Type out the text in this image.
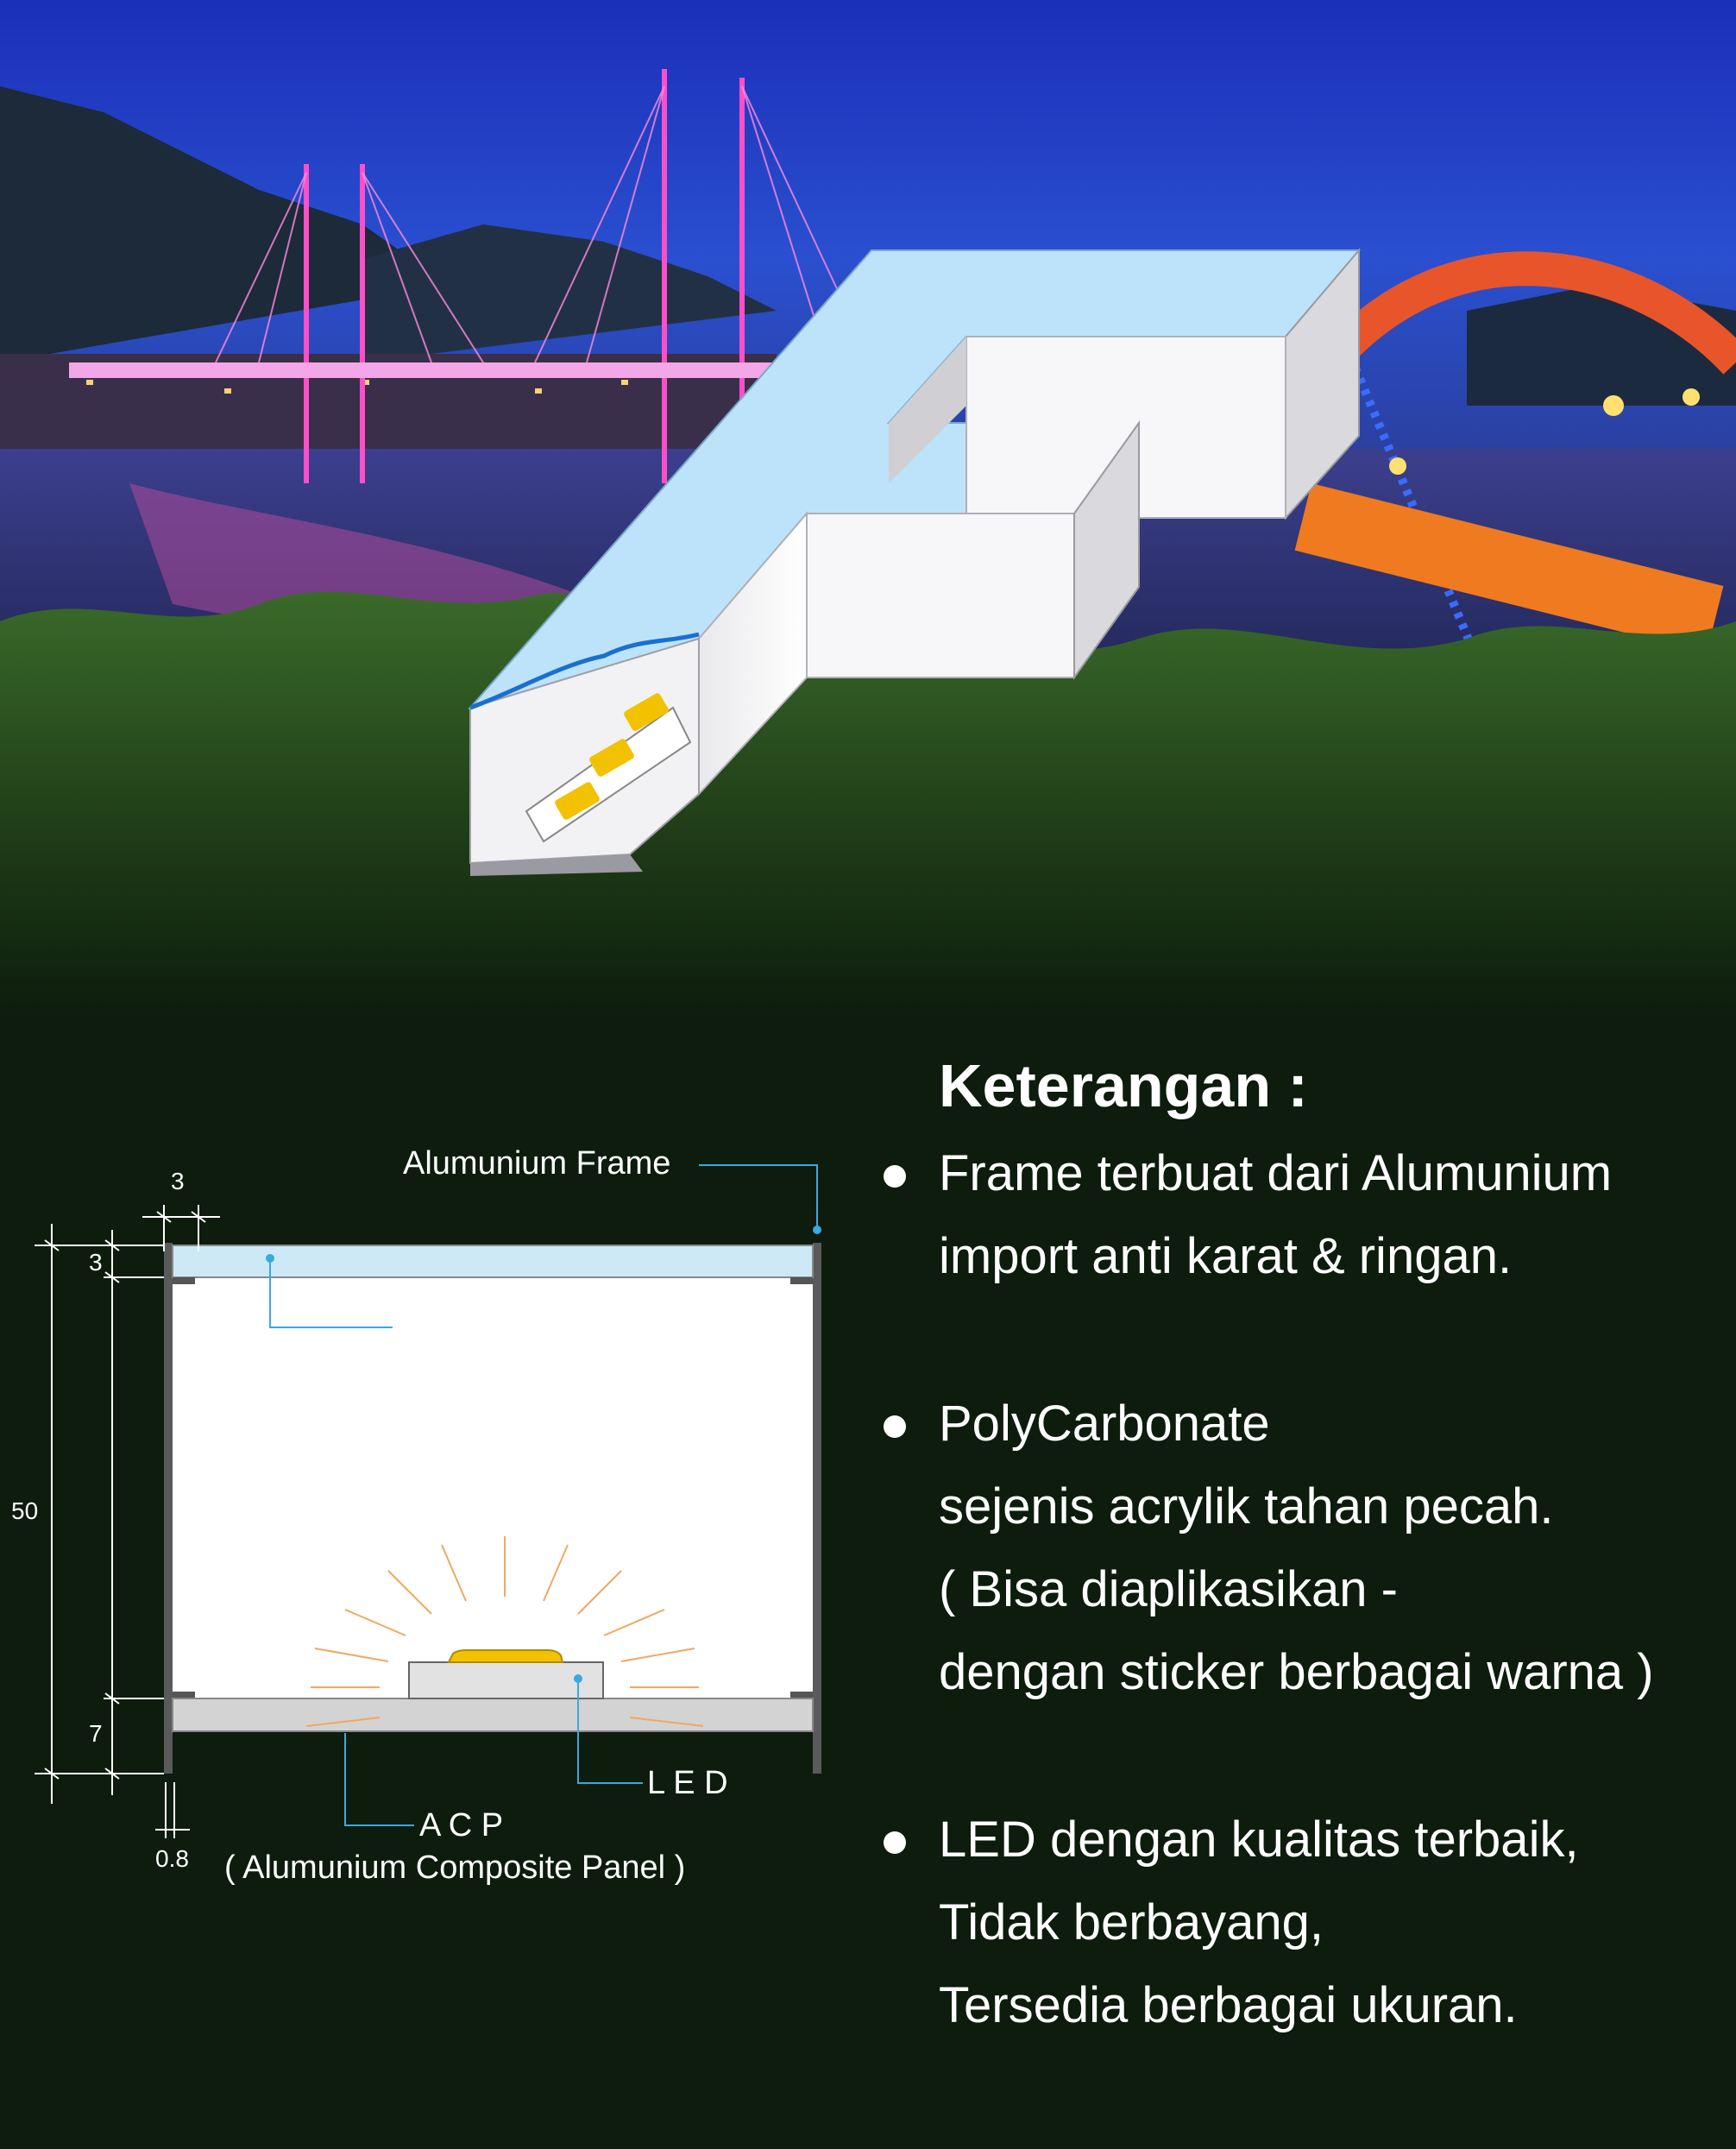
3
3
50
7
0.8
Alumunium Frame
Acrylick 3mm
L E D
A C P
( Alumunium Composite Panel )
Keterangan :
Frame terbuat dari Alumunium
import anti karat & ringan.
PolyCarbonate
sejenis acrylik tahan pecah.
( Bisa diaplikasikan -
dengan sticker berbagai warna )
LED dengan kualitas terbaik,
Tidak berbayang,
Tersedia berbagai ukuran.
